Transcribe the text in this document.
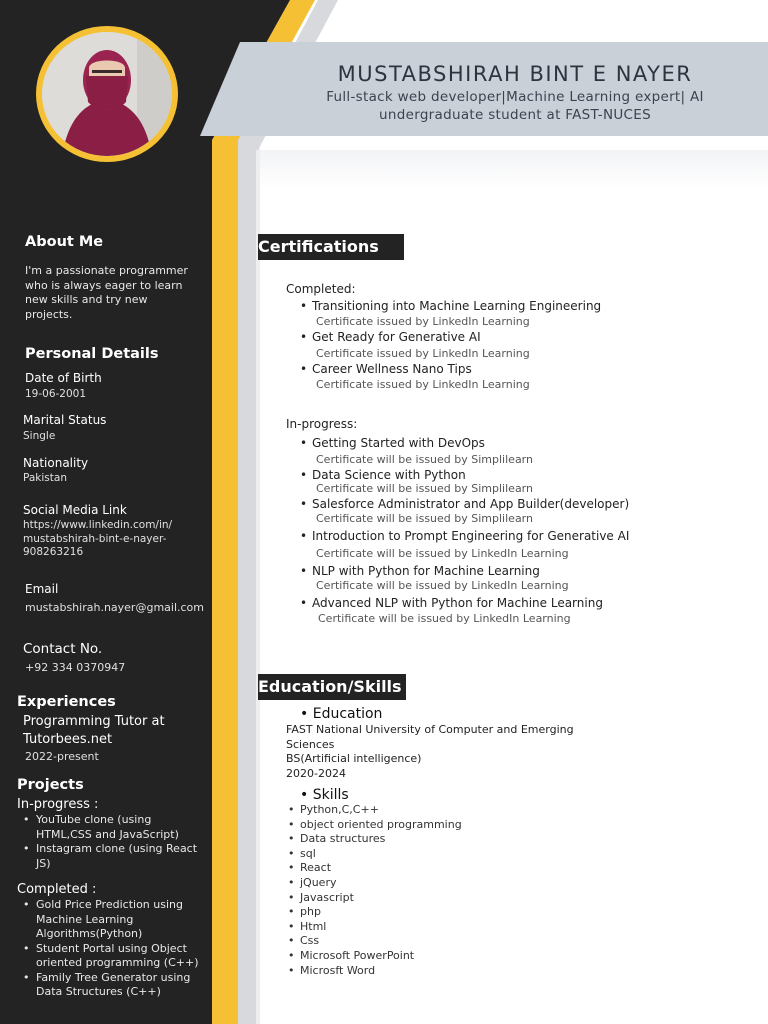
MUSTABSHIRAH BINT E NAYER
Full-stack web developer|Machine Learning expert| AI undergraduate student at FAST-NUCES
About Me
I'm a passionate programmer who is always eager to learn new skills and try new projects.
Personal Details
Date of Birth
19-06-2001
Marital Status
Single
Nationality
Pakistan
Social Media Link
https://www.linkedin.com/in/mustabshirah-bint-e-nayer-908263216
Email
mustabshirah.nayer@gmail.com
Contact No.
+92 334 0370947
Experiences
Programming Tutor at Tutorbees.net
2022-present
Projects
In-progress :
• YouTube clone (using HTML,CSS and JavaScript)
• Instagram clone (using React JS)
Completed :
• Gold Price Prediction using Machine Learning Algorithms(Python)
• Student Portal using Object oriented programming (C++)
• Family Tree Generator using Data Structures (C++)
Certifications
Completed:
• Transitioning into Machine Learning Engineering
Certificate issued by LinkedIn Learning
• Get Ready for Generative AI
Certificate issued by LinkedIn Learning
• Career Wellness Nano Tips
Certificate issued by LinkedIn Learning
In-progress:
• Getting Started with DevOps
Certificate will be issued by Simplilearn
• Data Science with Python
Certificate will be issued by Simplilearn
• Salesforce Administrator and App Builder(developer)
Certificate will be issued by Simplilearn
• Introduction to Prompt Engineering for Generative AI
Certificate will be issued by LinkedIn Learning
• NLP with Python for Machine Learning
Certificate will be issued by LinkedIn Learning
• Advanced NLP with Python for Machine Learning
Certificate will be issued by LinkedIn Learning
Education/Skills
• Education
FAST National University of Computer and Emerging Sciences
BS(Artificial intelligence)
2020-2024
• Skills
• Python,C,C++
• object oriented programming
• Data structures
• sql
• React
• jQuery
• Javascript
• php
• Html
• Css
• Microsoft PowerPoint
• Microsft Word
